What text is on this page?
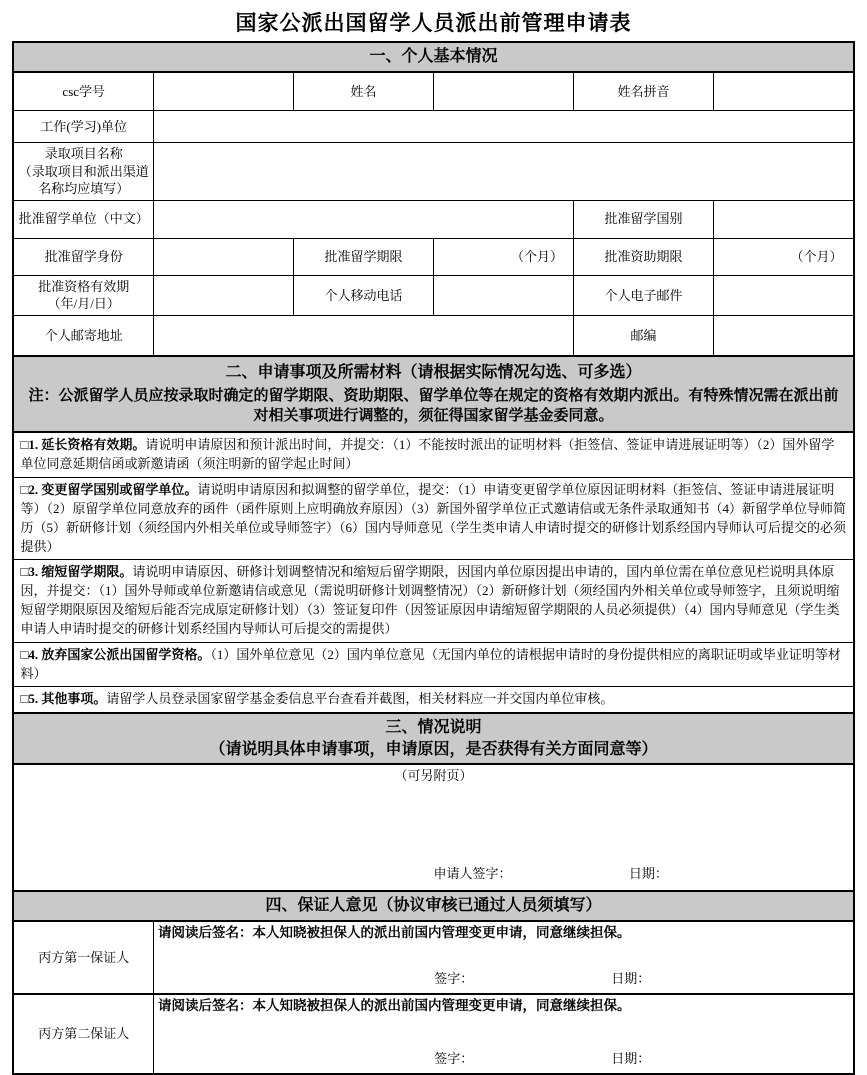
国家公派出国留学人员派出前管理申请表
一、个人基本情况					
csc学号		姓名		姓名拼音	
工作(学习)单位					

录取项目名称
（录取项目和派出渠道名称均应填写）					

批准留学单位（中文）				批准留学国别	
批准留学身份		批准留学期限	（个月）	批准资助期限	（个月）

批准资格有效期
（年/月/日）		个人移动电话		个人电子邮件	
个人邮寄地址				邮编	

二、申请事项及所需材料（请根据实际情况勾选、可多选）
注：公派留学人员应按录取时确定的留学期限、资助期限、留学单位等在规定的资格有效期内派出。有特殊情况需在派出前对相关事项进行调整的，须征得国家留学基金委同意。					

□1. 延长资格有效期。请说明申请原因和预计派出时间，并提交：（1）不能按时派出的证明材料（拒签信、签证申请进展证明等）（2）国外留学单位同意延期信函或新邀请函（须注明新的留学起止时间）					
□2. 变更留学国别或留学单位。请说明申请原因和拟调整的留学单位，提交：（1）申请变更留学单位原因证明材料（拒签信、签证申请进展证明等）（2）原留学单位同意放弃的函件（函件原则上应明确放弃原因）（3）新国外留学单位正式邀请信或无条件录取通知书（4）新留学单位导师简历（5）新研修计划（须经国内外相关单位或导师签字）（6）国内导师意见（学生类申请人申请时提交的研修计划系经国内导师认可后提交的必须提供）					
□3. 缩短留学期限。请说明申请原因、研修计划调整情况和缩短后留学期限，因国内单位原因提出申请的，国内单位需在单位意见栏说明具体原因，并提交：（1）国外导师或单位新邀请信或意见（需说明研修计划调整情况）（2）新研修计划（须经国内外相关单位或导师签字，且须说明缩短留学期限原因及缩短后能否完成原定研修计划）（3）签证复印件（因签证原因申请缩短留学期限的人员必须提供）（4）国内导师意见（学生类申请人申请时提交的研修计划系经国内导师认可后提交的需提供）					
□4. 放弃国家公派出国留学资格。（1）国外单位意见（2）国内单位意见（无国内单位的请根据申请时的身份提供相应的离职证明或毕业证明等材料）					
□5. 其他事项。请留学人员登录国家留学基金委信息平台查看并截图，相关材料应一并交国内单位审核。					

三、情况说明
（请说明具体申请事项，申请原因，是否获得有关方面同意等）					

（可另附页）
申请人签字： 日期：					

四、保证人意见（协议审核已通过人员须填写）					
丙方第一保证人	请阅读后签名：本人知晓被担保人的派出前国内管理变更申请，同意继续担保。
签字： 日期：				

丙方第二保证人	请阅读后签名：本人知晓被担保人的派出前国内管理变更申请，同意继续担保。
签字： 日期：				
